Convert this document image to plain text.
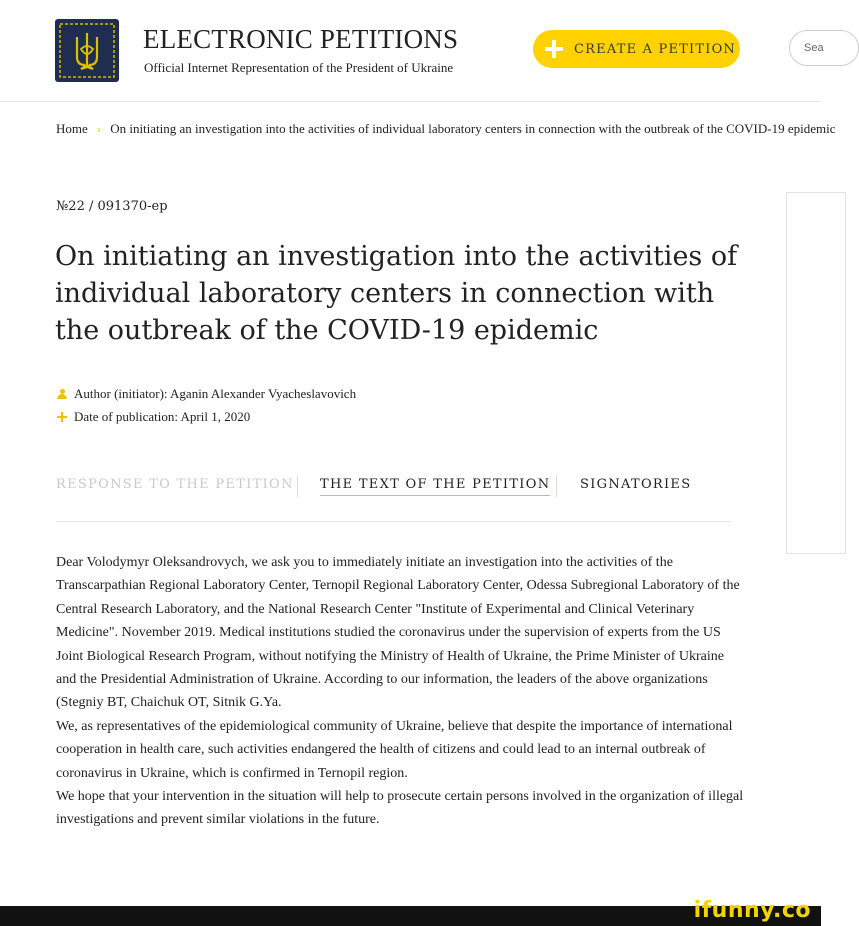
ELECTRONIC PETITIONS
Official Internet Representation of the President of Ukraine
CREATE A PETITION	Sea
Home › On initiating an investigation into the activities of individual laboratory centers in connection with the outbreak of the COVID-19 epidemic
№22 / 091370-ep
On initiating an investigation into the activities of individual laboratory centers in connection with the outbreak of the COVID-19 epidemic
Author (initiator): Aganin Alexander Vyacheslavovich
Date of publication: April 1, 2020
RESPONSE TO THE PETITION THE TEXT OF THE PETITION SIGNATORIES

Dear Volodymyr Oleksandrovych, we ask you to immediately initiate an investigation into the activities of the Transcarpathian Regional Laboratory Center, Ternopil Regional Laboratory Center, Odessa Subregional Laboratory of the Central Research Laboratory, and the National Research Center "Institute of Experimental and Clinical Veterinary Medicine". November 2019. Medical institutions studied the coronavirus under the supervision of experts from the US Joint Biological Research Program, without notifying the Ministry of Health of Ukraine, the Prime Minister of Ukraine and the Presidential Administration of Ukraine. According to our information, the leaders of the above organizations (Stegniy BT, Chaichuk OT, Sitnik G.Ya.

We, as representatives of the epidemiological community of Ukraine, believe that despite the importance of international cooperation in health care, such activities endangered the health of citizens and could lead to an internal outbreak of coronavirus in Ukraine, which is confirmed in Ternopil region.

We hope that your intervention in the situation will help to prosecute certain persons involved in the organization of illegal investigations and prevent similar violations in the future.

ifunny.co
